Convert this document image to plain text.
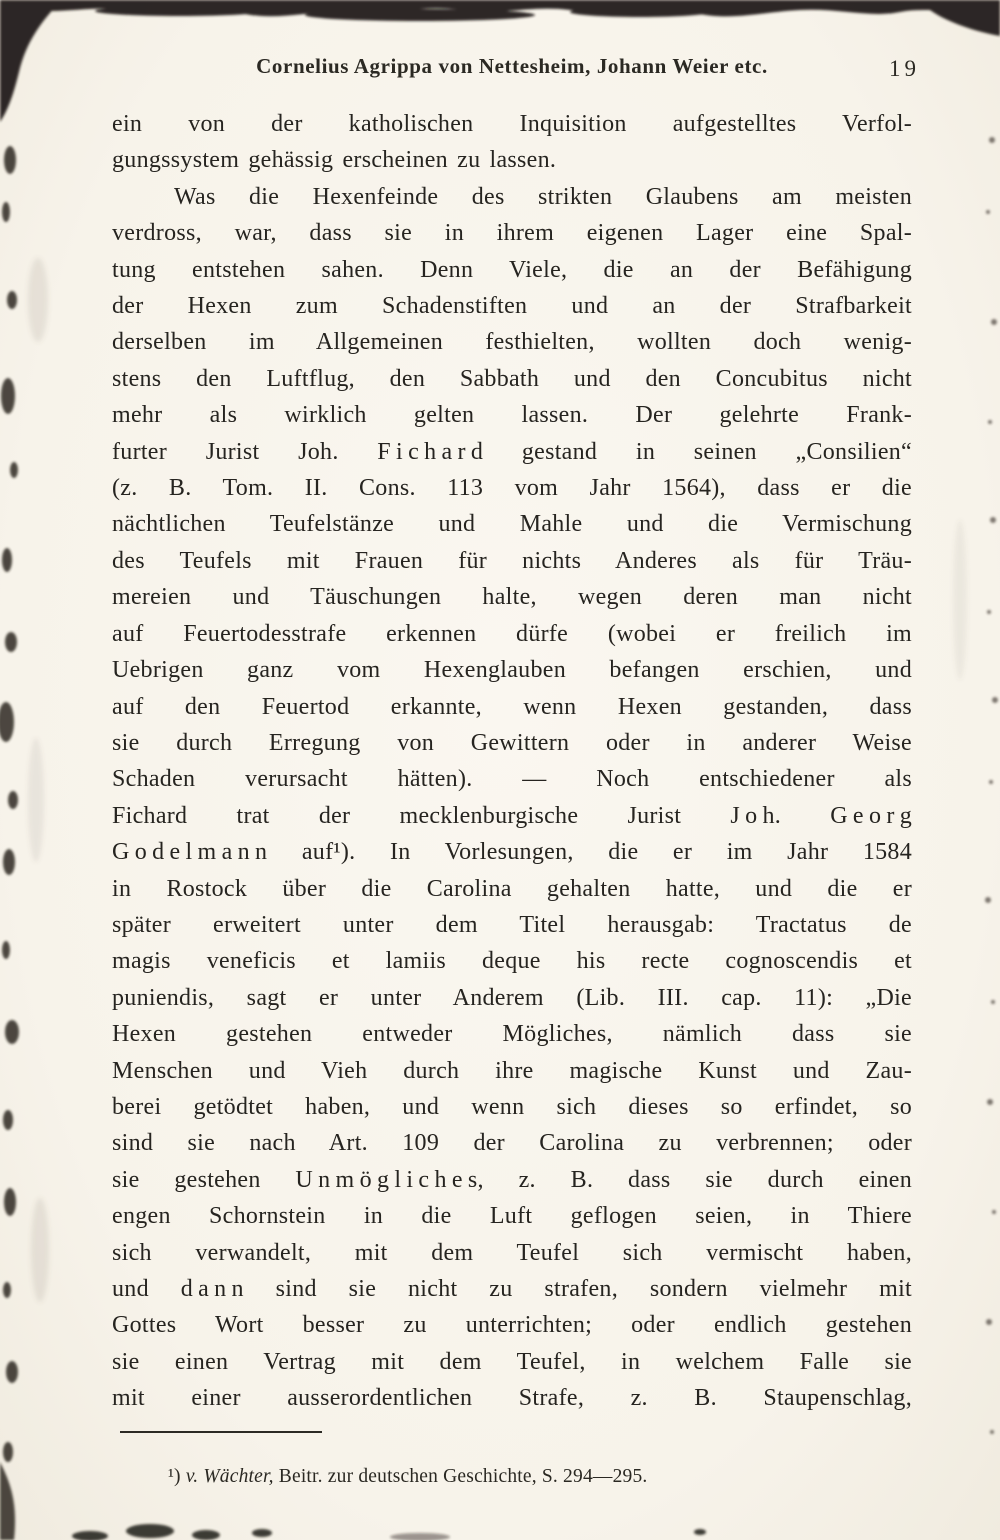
Cornelius Agrippa von Nettesheim, Johann Weier etc.	19
ein von der katholischen Inquisition aufgestelltes Verfol-
gungssystem gehässig erscheinen zu lassen.
Was die Hexenfeinde des strikten Glaubens am meisten
verdross, war, dass sie in ihrem eigenen Lager eine Spal-
tung entstehen sahen. Denn Viele, die an der Befähigung
der Hexen zum Schadenstiften und an der Strafbarkeit
derselben im Allgemeinen festhielten, wollten doch wenig-
stens den Luftflug, den Sabbath und den Concubitus nicht
mehr als wirklich gelten lassen. Der gelehrte Frank-
furter Jurist Joh. F i c h a r d gestand in seinen „Consilien“
(z. B. Tom. II. Cons. 113 vom Jahr 1564), dass er die
nächtlichen Teufelstänze und Mahle und die Vermischung
des Teufels mit Frauen für nichts Anderes als für Träu-
mereien und Täuschungen halte, wegen deren man nicht
auf Feuertodesstrafe erkennen dürfe (wobei er freilich im
Uebrigen ganz vom Hexenglauben befangen erschien, und
auf den Feuertod erkannte, wenn Hexen gestanden, dass
sie durch Erregung von Gewittern oder in anderer Weise
Schaden verursacht hätten). — Noch entschiedener als
Fichard trat der mecklenburgische Jurist J o h. G e o r g
G o d e l m a n n auf¹). In Vorlesungen, die er im Jahr 1584
in Rostock über die Carolina gehalten hatte, und die er
später erweitert unter dem Titel herausgab: Tractatus de
magis veneficis et lamiis deque his recte cognoscendis et
puniendis, sagt er unter Anderem (Lib. III. cap. 11): „Die
Hexen gestehen entweder Mögliches, nämlich dass sie
Menschen und Vieh durch ihre magische Kunst und Zau-
berei getödtet haben, und wenn sich dieses so erfindet, so
sind sie nach Art. 109 der Carolina zu verbrennen; oder
sie gestehen U n m ö g l i c h e s, z. B. dass sie durch einen
engen Schornstein in die Luft geflogen seien, in Thiere
sich verwandelt, mit dem Teufel sich vermischt haben,
und d a n n sind sie nicht zu strafen, sondern vielmehr mit
Gottes Wort besser zu unterrichten; oder endlich gestehen
sie einen Vertrag mit dem Teufel, in welchem Falle sie
mit einer ausserordentlichen Strafe, z. B. Staupenschlag,
¹) v. Wächter, Beitr. zur deutschen Geschichte, S. 294—295.
